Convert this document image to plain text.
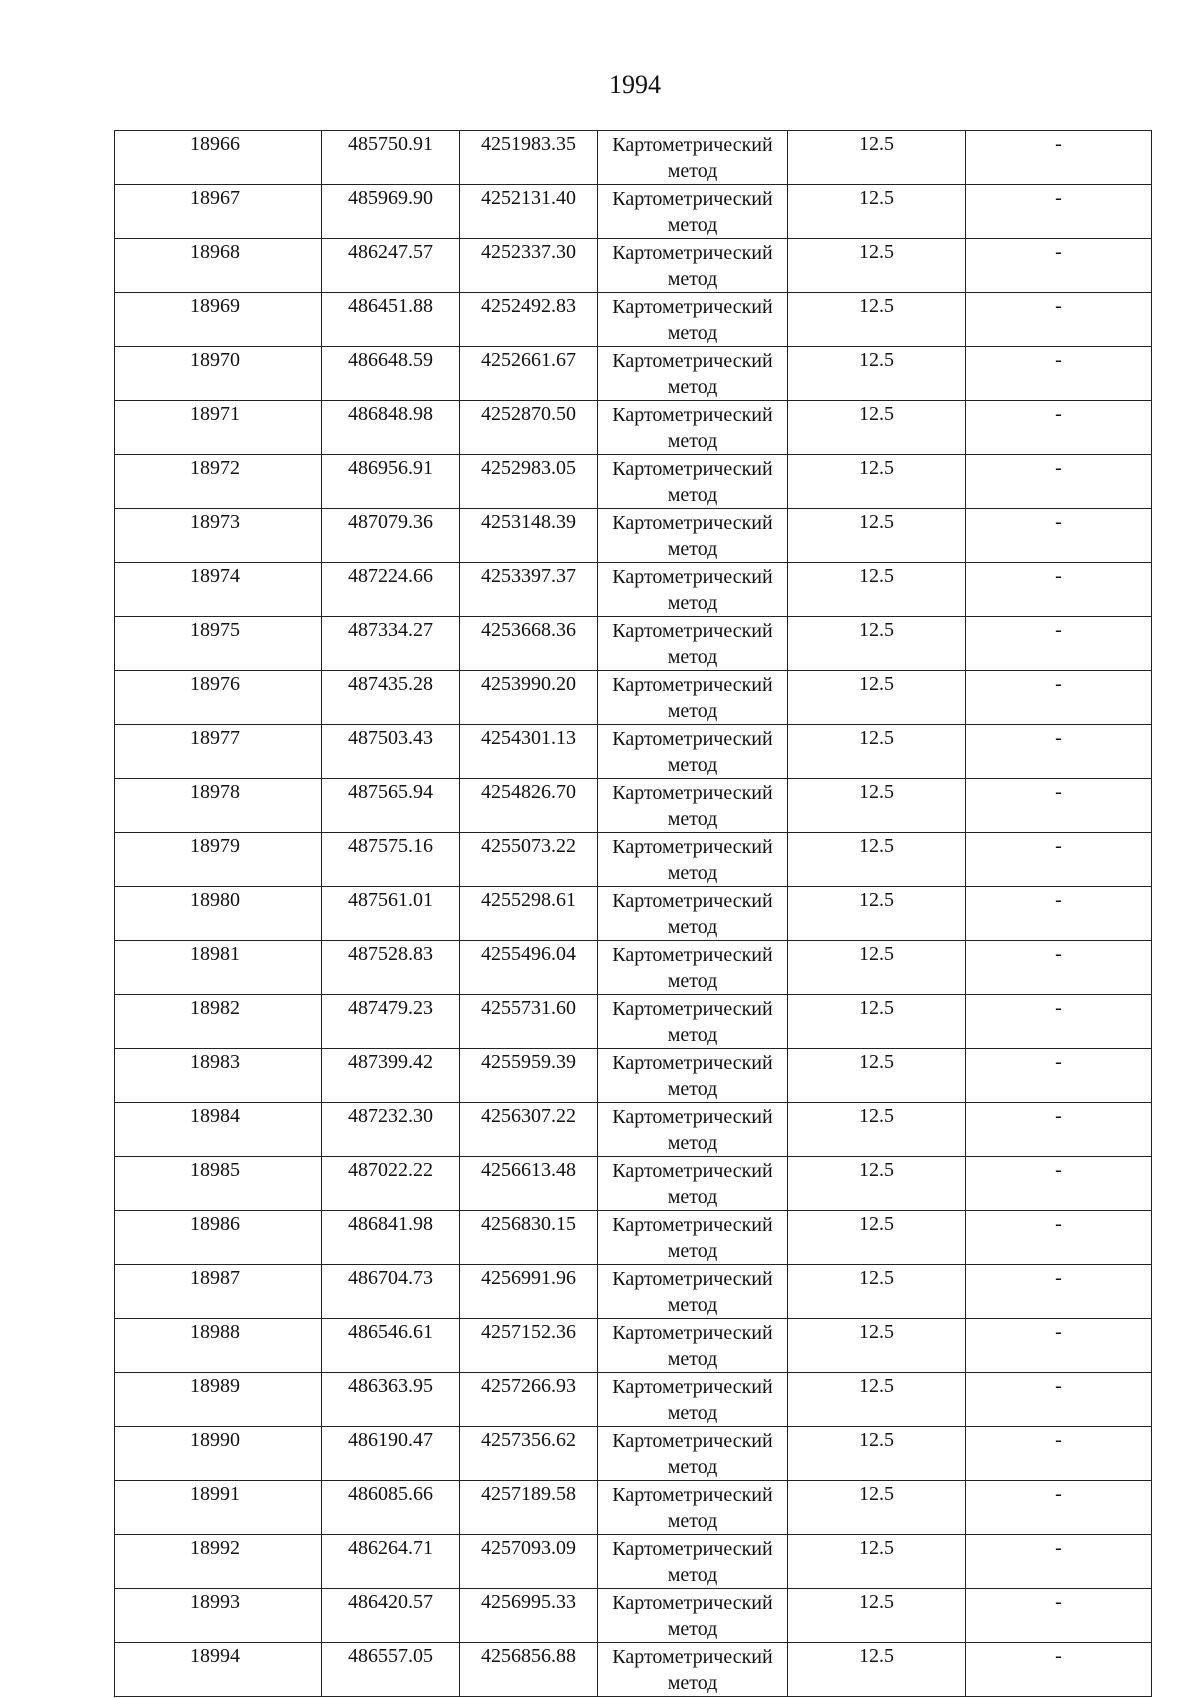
1994
18966	485750.91	4251983.35	Картометрический метод	12.5	-
18967	485969.90	4252131.40	Картометрический метод	12.5	-
18968	486247.57	4252337.30	Картометрический метод	12.5	-
18969	486451.88	4252492.83	Картометрический метод	12.5	-
18970	486648.59	4252661.67	Картометрический метод	12.5	-
18971	486848.98	4252870.50	Картометрический метод	12.5	-
18972	486956.91	4252983.05	Картометрический метод	12.5	-
18973	487079.36	4253148.39	Картометрический метод	12.5	-
18974	487224.66	4253397.37	Картометрический метод	12.5	-
18975	487334.27	4253668.36	Картометрический метод	12.5	-
18976	487435.28	4253990.20	Картометрический метод	12.5	-
18977	487503.43	4254301.13	Картометрический метод	12.5	-
18978	487565.94	4254826.70	Картометрический метод	12.5	-
18979	487575.16	4255073.22	Картометрический метод	12.5	-
18980	487561.01	4255298.61	Картометрический метод	12.5	-
18981	487528.83	4255496.04	Картометрический метод	12.5	-
18982	487479.23	4255731.60	Картометрический метод	12.5	-
18983	487399.42	4255959.39	Картометрический метод	12.5	-
18984	487232.30	4256307.22	Картометрический метод	12.5	-
18985	487022.22	4256613.48	Картометрический метод	12.5	-
18986	486841.98	4256830.15	Картометрический метод	12.5	-
18987	486704.73	4256991.96	Картометрический метод	12.5	-
18988	486546.61	4257152.36	Картометрический метод	12.5	-
18989	486363.95	4257266.93	Картометрический метод	12.5	-
18990	486190.47	4257356.62	Картометрический метод	12.5	-
18991	486085.66	4257189.58	Картометрический метод	12.5	-
18992	486264.71	4257093.09	Картометрический метод	12.5	-
18993	486420.57	4256995.33	Картометрический метод	12.5	-
18994	486557.05	4256856.88	Картометрический метод	12.5	-
